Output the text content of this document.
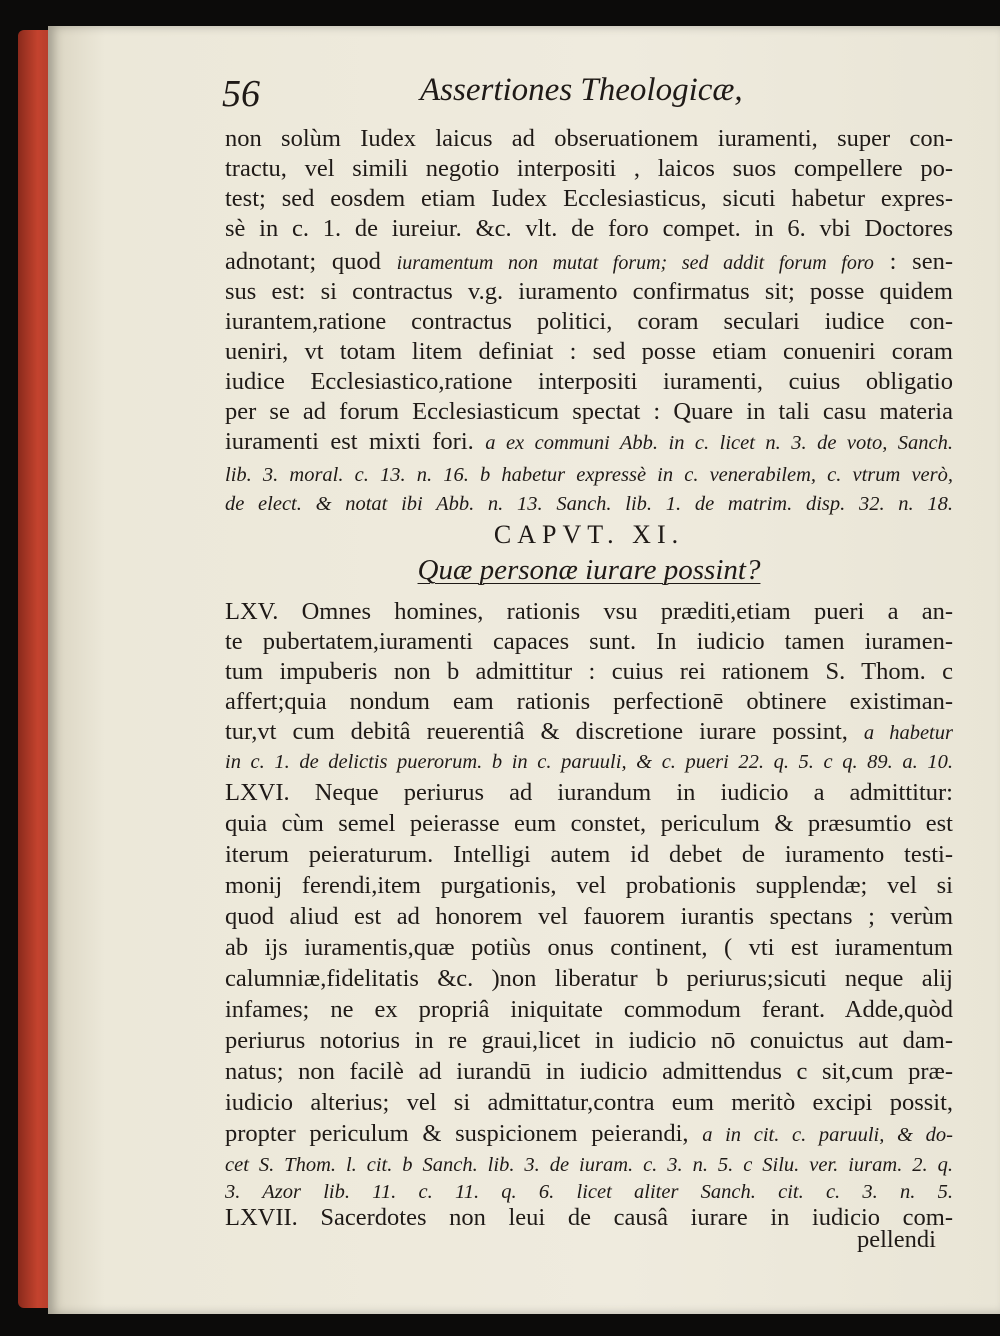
56	Assertiones Theologicæ,

non solùm Iudex laicus ad obseruationem iuramenti, super con-

tractu, vel simili negotio interpositi , laicos suos compellere po-

test; sed eosdem etiam Iudex Ecclesiasticus, sicuti habetur expres-

sè in c. 1. de iureiur. &c. vlt. de foro compet. in 6. vbi Doctores

adnotant; quod iuramentum non mutat forum; sed addit forum foro : sen-

sus est: si contractus v.g. iuramento confirmatus sit; posse quidem

iurantem,ratione contractus politici, coram seculari iudice con-

ueniri, vt totam litem definiat : sed posse etiam conueniri coram

iudice Ecclesiastico,ratione interpositi iuramenti, cuius obligatio

per se ad forum Ecclesiasticum spectat : Quare in tali casu materia

iuramenti est mixti fori. a ex communi Abb. in c. licet n. 3. de voto, Sanch.

lib. 3. moral. c. 13. n. 16. b habetur expressè in c. venerabilem, c. vtrum verò,

de elect. & notat ibi Abb. n. 13. Sanch. lib. 1. de matrim. disp. 32. n. 18.

CAPVT. XI.
Quæ personæ iurare possint?

LXV. Omnes homines, rationis vsu præditi,etiam pueri a an-

te pubertatem,iuramenti capaces sunt. In iudicio tamen iuramen-

tum impuberis non b admittitur : cuius rei rationem S. Thom. c

affert;quia nondum eam rationis perfectionē obtinere existiman-

tur,vt cum debitâ reuerentiâ & discretione iurare possint, a habetur

in c. 1. de delictis puerorum. b in c. paruuli, & c. pueri 22. q. 5. c q. 89. a. 10.

LXVI. Neque periurus ad iurandum in iudicio a admittitur:

quia cùm semel peierasse eum constet, periculum & præsumtio est

iterum peieraturum. Intelligi autem id debet de iuramento testi-

monij ferendi,item purgationis, vel probationis supplendæ; vel si

quod aliud est ad honorem vel fauorem iurantis spectans ; verùm

ab ijs iuramentis,quæ potiùs onus continent, ( vti est iuramentum

calumniæ,fidelitatis &c. )non liberatur b periurus;sicuti neque alij

infames; ne ex propriâ iniquitate commodum ferant. Adde,quòd

periurus notorius in re graui,licet in iudicio nō conuictus aut dam-

natus; non facilè ad iurandū in iudicio admittendus c sit,cum præ-

iudicio alterius; vel si admittatur,contra eum meritò excipi possit,

propter periculum & suspicionem peierandi, a in cit. c. paruuli, & do-

cet S. Thom. l. cit. b Sanch. lib. 3. de iuram. c. 3. n. 5. c Silu. ver. iuram. 2. q.

3. Azor lib. 11. c. 11. q. 6. licet aliter Sanch. cit. c. 3. n. 5.

LXVII. Sacerdotes non leui de causâ iurare in iudicio com-

pellendi
